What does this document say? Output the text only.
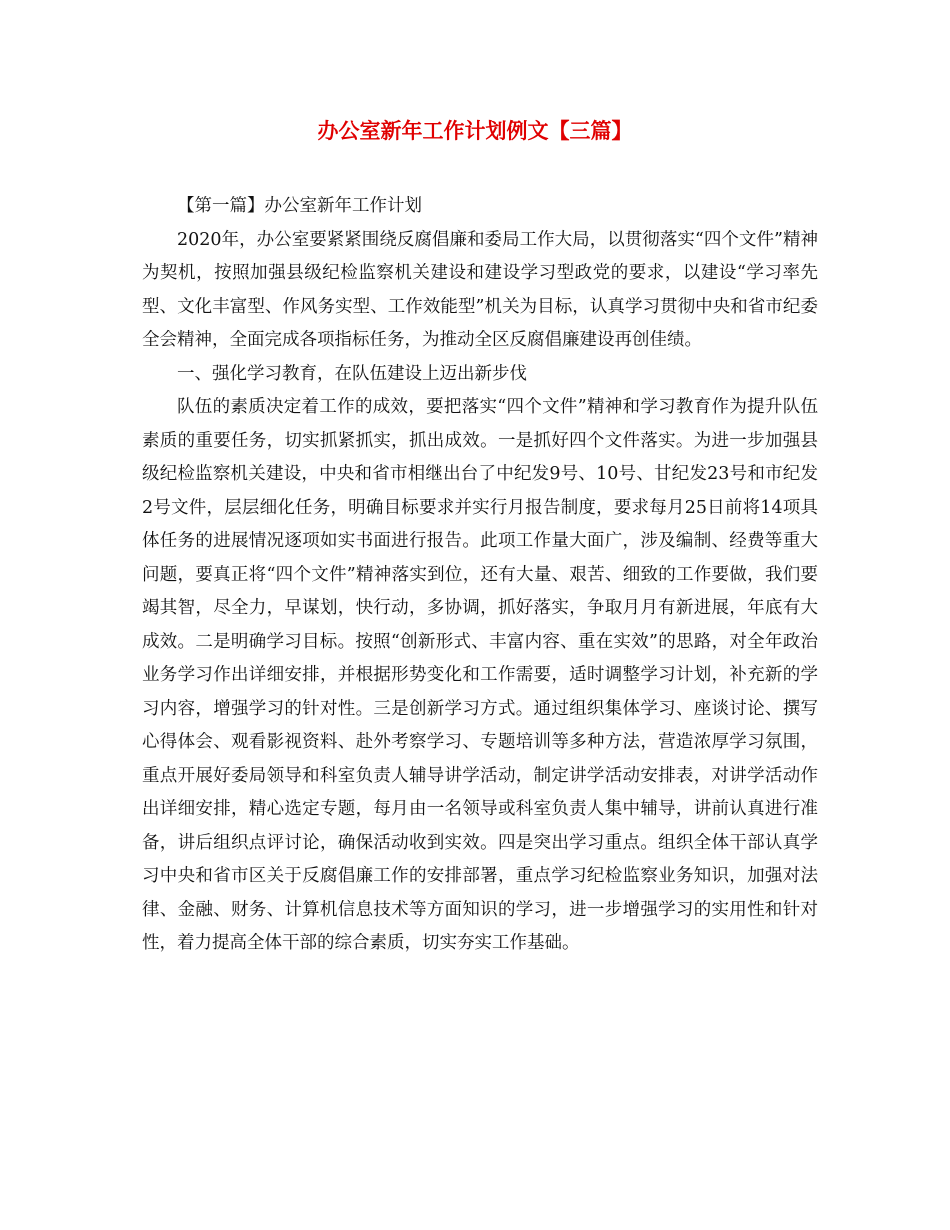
办公室新年工作计划例文【三篇】

【第一篇】办公室新年工作计划

2020年，办公室要紧紧围绕反腐倡廉和委局工作大局，以贯彻落实“四个文件”精神为契机，按照加强县级纪检监察机关建设和建设学习型政党的要求，以建设“学习率先型、文化丰富型、作风务实型、工作效能型”机关为目标，认真学习贯彻中央和省市纪委全会精神，全面完成各项指标任务，为推动全区反腐倡廉建设再创佳绩。

一、强化学习教育，在队伍建设上迈出新步伐

队伍的素质决定着工作的成效，要把落实“四个文件”精神和学习教育作为提升队伍素质的重要任务，切实抓紧抓实，抓出成效。一是抓好四个文件落实。为进一步加强县级纪检监察机关建设，中央和省市相继出台了中纪发9号、10号、甘纪发23号和市纪发2号文件，层层细化任务，明确目标要求并实行月报告制度，要求每月25日前将14项具体任务的进展情况逐项如实书面进行报告。此项工作量大面广，涉及编制、经费等重大问题，要真正将“四个文件”精神落实到位，还有大量、艰苦、细致的工作要做，我们要竭其智，尽全力，早谋划，快行动，多协调，抓好落实，争取月月有新进展，年底有大成效。二是明确学习目标。按照“创新形式、丰富内容、重在实效”的思路，对全年政治业务学习作出详细安排，并根据形势变化和工作需要，适时调整学习计划，补充新的学习内容，增强学习的针对性。三是创新学习方式。通过组织集体学习、座谈讨论、撰写心得体会、观看影视资料、赴外考察学习、专题培训等多种方法，营造浓厚学习氛围，重点开展好委局领导和科室负责人辅导讲学活动，制定讲学活动安排表，对讲学活动作出详细安排，精心选定专题，每月由一名领导或科室负责人集中辅导，讲前认真进行准备，讲后组织点评讨论，确保活动收到实效。四是突出学习重点。组织全体干部认真学习中央和省市区关于反腐倡廉工作的安排部署，重点学习纪检监察业务知识，加强对法律、金融、财务、计算机信息技术等方面知识的学习，进一步增强学习的实用性和针对性，着力提高全体干部的综合素质，切实夯实工作基础。
